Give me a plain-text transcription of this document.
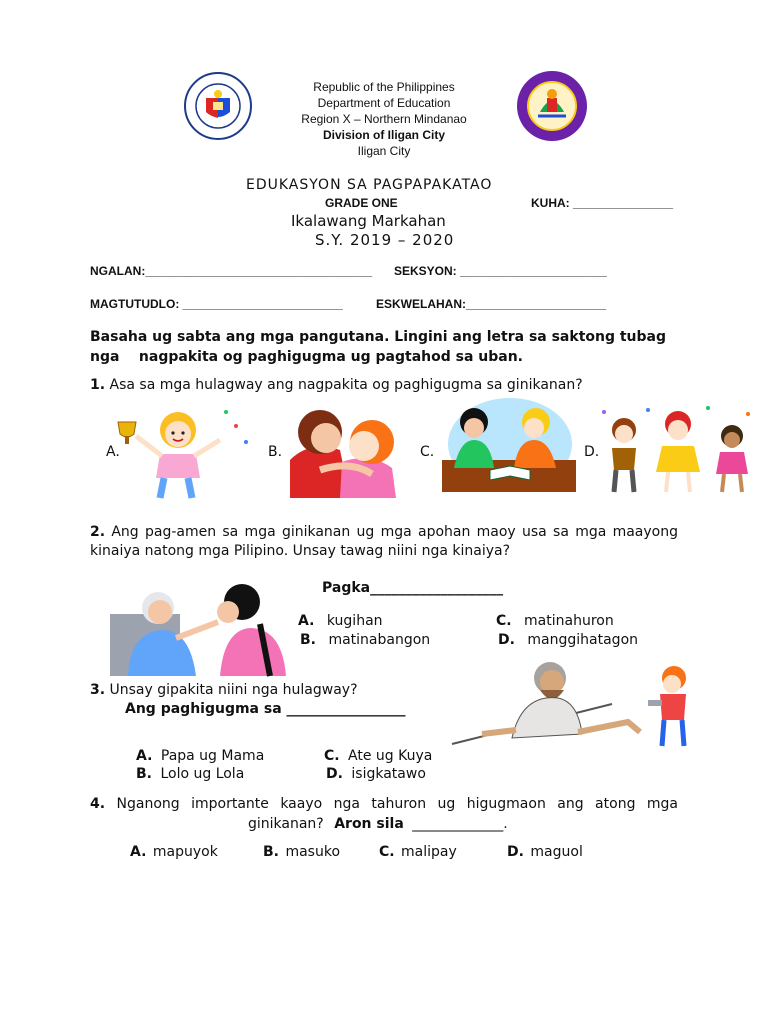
Republic of the Philippines
Department of Education
Region X – Northern Mindanao
Division of Iligan City
Iligan City
EDUKASYON SA PAGPAPAKATAO
GRADE ONE	KUHA: _______________
Ikalawang Markahan
S.Y. 2019 – 2020
NGALAN:__________________________________ SEKSYON: ______________________
MAGTUTUDLO: ________________________	ESKWELAHAN:_____________________
Basaha ug sabta ang mga pangutana. Lingini ang letra sa saktong tubag nga    nagpakita og paghigugma ug pagtahod sa uban.
1. Asa sa mga hulagway ang nagpakita og paghigugma sa ginikanan?
A.	B.	C.	D.
2. Ang pag-amen sa mga ginikanan ug mga apohan maoy usa sa mga maayong kinaiya natong mga Pilipino. Unsay tawag niini nga kinaiya?
Pagka___________________
A. kugihan	C. matinahuron
B. matinabangon	D. manggihatagon
3. Unsay gipakita niini nga hulagway?
Ang paghigugma sa _________________
A. Papa ug Mama	C. Ate ug Kuya
B. Lolo ug Lola	D. isigkatawo
4. Nganong importante kaayo nga tahuron ug higugmaon ang atong mga
ginikanan? Aron sila _____________.
A. mapuyok	B. masuko	C. malipay	D. maguol
